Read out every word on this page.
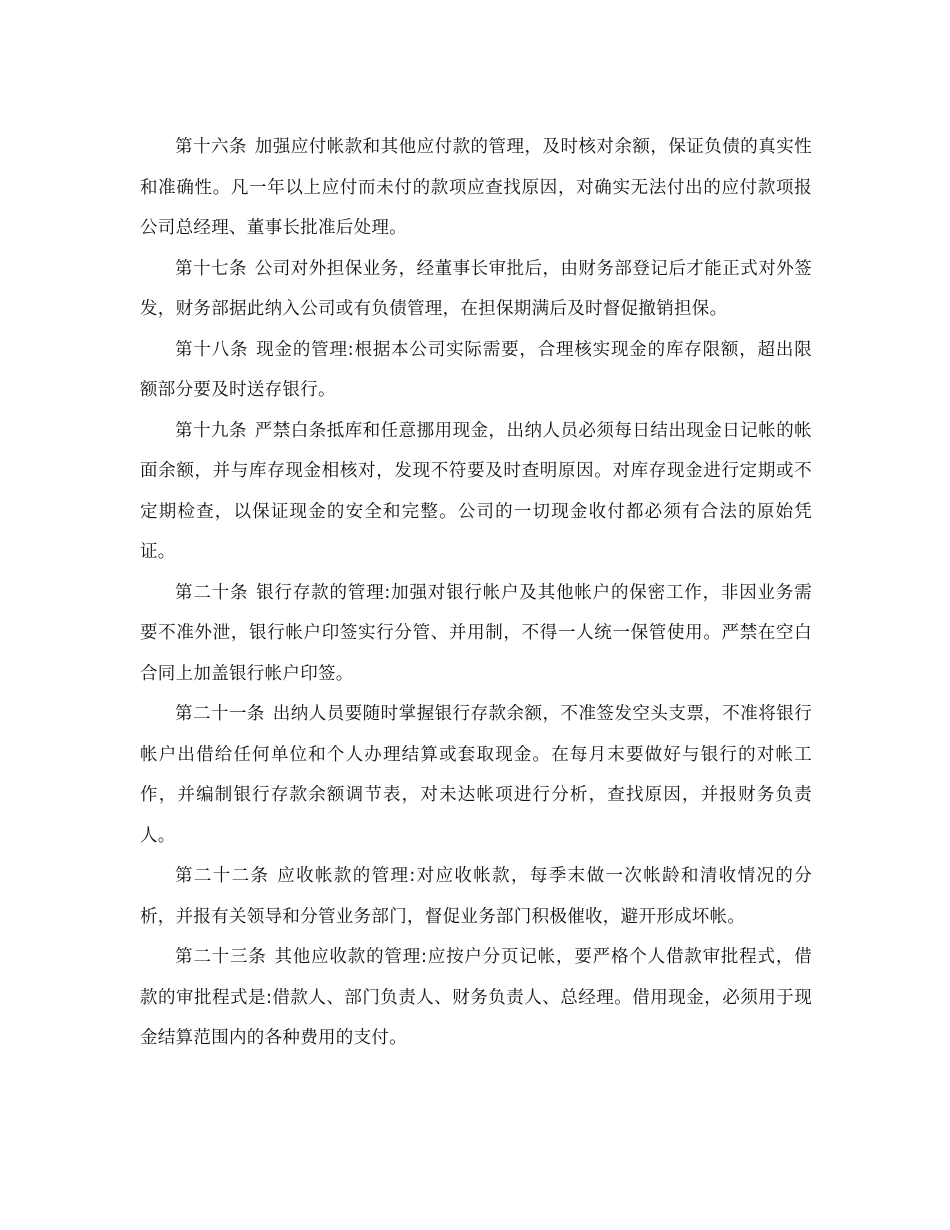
第十六条 加强应付帐款和其他应付款的管理，及时核对余额，保证负债的真实性和准确性。凡一年以上应付而未付的款项应查找原因，对确实无法付出的应付款项报公司总经理、董事长批准后处理。

第十七条 公司对外担保业务，经董事长审批后，由财务部登记后才能正式对外签发，财务部据此纳入公司或有负债管理，在担保期满后及时督促撤销担保。

第十八条 现金的管理:根据本公司实际需要，合理核实现金的库存限额，超出限额部分要及时送存银行。

第十九条 严禁白条抵库和任意挪用现金，出纳人员必须每日结出现金日记帐的帐面余额，并与库存现金相核对，发现不符要及时查明原因。对库存现金进行定期或不定期检查，以保证现金的安全和完整。公司的一切现金收付都必须有合法的原始凭证。

第二十条 银行存款的管理:加强对银行帐户及其他帐户的保密工作，非因业务需要不准外泄，银行帐户印签实行分管、并用制，不得一人统一保管使用。严禁在空白合同上加盖银行帐户印签。

第二十一条 出纳人员要随时掌握银行存款余额，不准签发空头支票，不准将银行帐户出借给任何单位和个人办理结算或套取现金。在每月末要做好与银行的对帐工作，并编制银行存款余额调节表，对未达帐项进行分析，查找原因，并报财务负责人。

第二十二条 应收帐款的管理:对应收帐款，每季末做一次帐龄和清收情况的分析，并报有关领导和分管业务部门，督促业务部门积极催收，避开形成坏帐。

第二十三条 其他应收款的管理:应按户分页记帐，要严格个人借款审批程式，借款的审批程式是:借款人、部门负责人、财务负责人、总经理。借用现金，必须用于现金结算范围内的各种费用的支付。
